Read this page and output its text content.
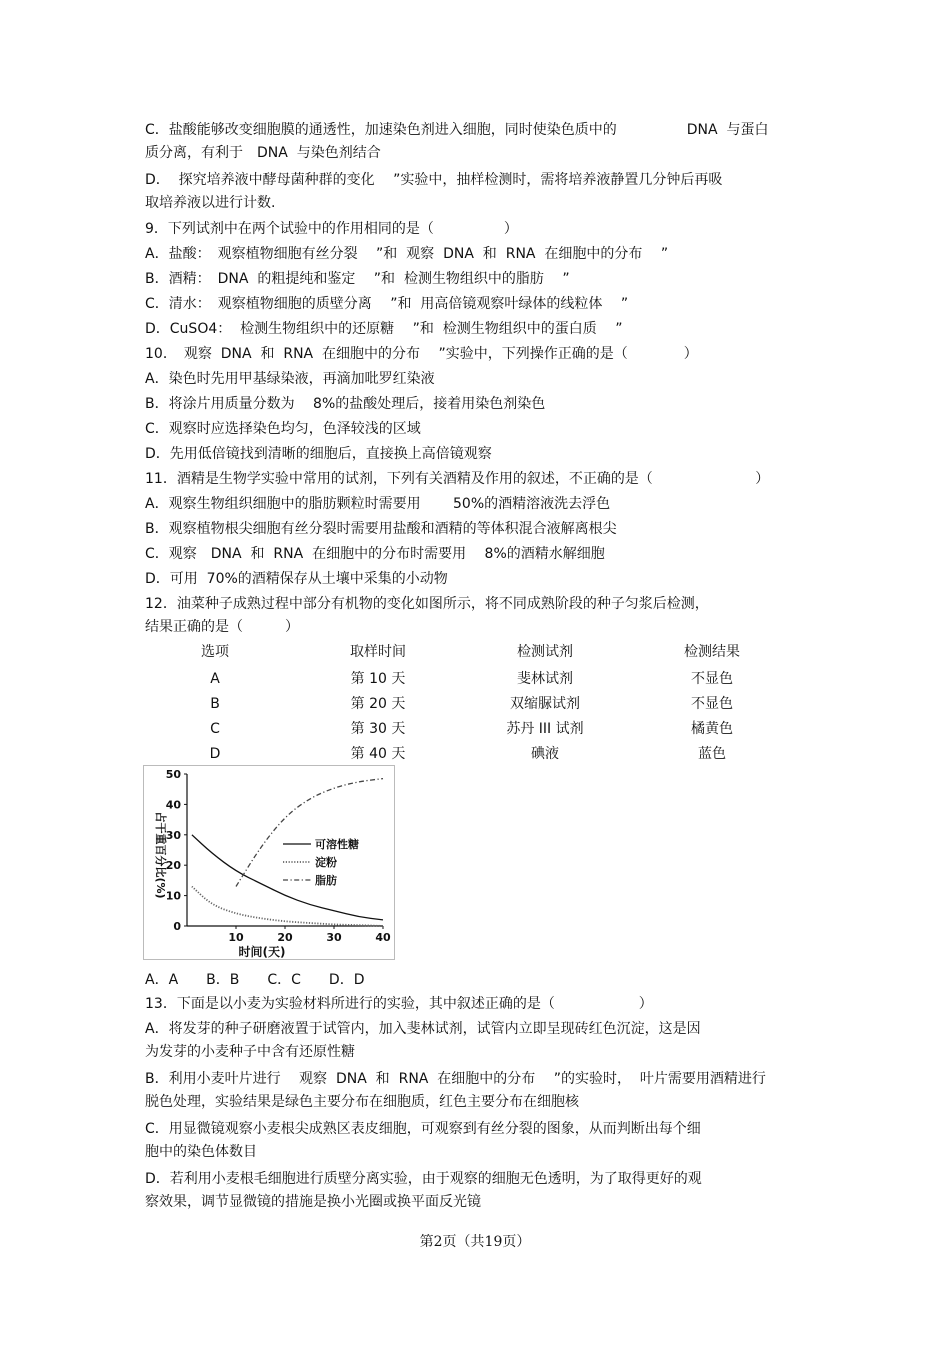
C．盐酸能够改变细胞膜的通透性，加速染色剂进入细胞，同时使染色质中的　　　　　DNA  与蛋白
质分离，有利于　DNA  与染色剂结合
D．  探究培养液中酵母菌种群的变化　 ”实验中，抽样检测时，需将培养液静置几分钟后再吸
取培养液以进行计数.
9．下列试剂中在两个试验中的作用相同的是（　　　　　）
A．盐酸：　观察植物细胞有丝分裂　 ”和  观察  DNA  和  RNA  在细胞中的分布　 ”
B．酒精：　DNA  的粗提纯和鉴定　 ”和  检测生物组织中的脂肪　 ”
C．清水：　观察植物细胞的质壁分离　 ”和  用高倍镜观察叶绿体的线粒体　 ”
D．CuSO4：  检测生物组织中的还原糖　 ”和  检测生物组织中的蛋白质　 ”
10．　观察  DNA  和  RNA  在细胞中的分布　 ”实验中，下列操作正确的是（　　　　）
A．染色时先用甲基绿染液，再滴加吡罗红染液
B．将涂片用质量分数为　 8%的盐酸处理后，接着用染色剂染色
C．观察时应选择染色均匀，色泽较浅的区域
D．先用低倍镜找到清晰的细胞后，直接换上高倍镜观察
11．酒精是生物学实验中常用的试剂，下列有关酒精及作用的叙述，不正确的是（　　　　　　　 ）
A．观察生物组织细胞中的脂肪颗粒时需要用　　 50%的酒精溶液洗去浮色
B．观察植物根尖细胞有丝分裂时需要用盐酸和酒精的等体积混合液解离根尖
C．观察　DNA  和  RNA  在细胞中的分布时需要用　 8%的酒精水解细胞
D．可用  70%的酒精保存从土壤中采集的小动物
12．油菜种子成熟过程中部分有机物的变化如图所示，将不同成熟阶段的种子匀浆后检测，
结果正确的是（　　　）
选项	取样时间	检测试剂	检测结果
A	第 10 天	斐林试剂	不显色
B	第 20 天	双缩脲试剂	不显色
C	第 30 天	苏丹 III 试剂	橘黄色
D	第 40 天	碘液	蓝色
0
10
20
30
40
50
10	20	30	40
可溶性糖
淀粉
脂肪
时间(天)
占干重百分比(%)
A．A　　B．B　　C．C　　D．D
13．下面是以小麦为实验材料所进行的实验，其中叙述正确的是（　　　　　　）
A．将发芽的种子研磨液置于试管内，加入斐林试剂，试管内立即呈现砖红色沉淀，这是因
为发芽的小麦种子中含有还原性糖
B．利用小麦叶片进行　 观察  DNA  和  RNA  在细胞中的分布　 ”的实验时，  叶片需要用酒精进行
脱色处理，实验结果是绿色主要分布在细胞质，红色主要分布在细胞核
C．用显微镜观察小麦根尖成熟区表皮细胞，可观察到有丝分裂的图象，从而判断出每个细
胞中的染色体数目
D．若利用小麦根毛细胞进行质壁分离实验，由于观察的细胞无色透明，为了取得更好的观
察效果，调节显微镜的措施是换小光圈或换平面反光镜
第2页（共19页）
